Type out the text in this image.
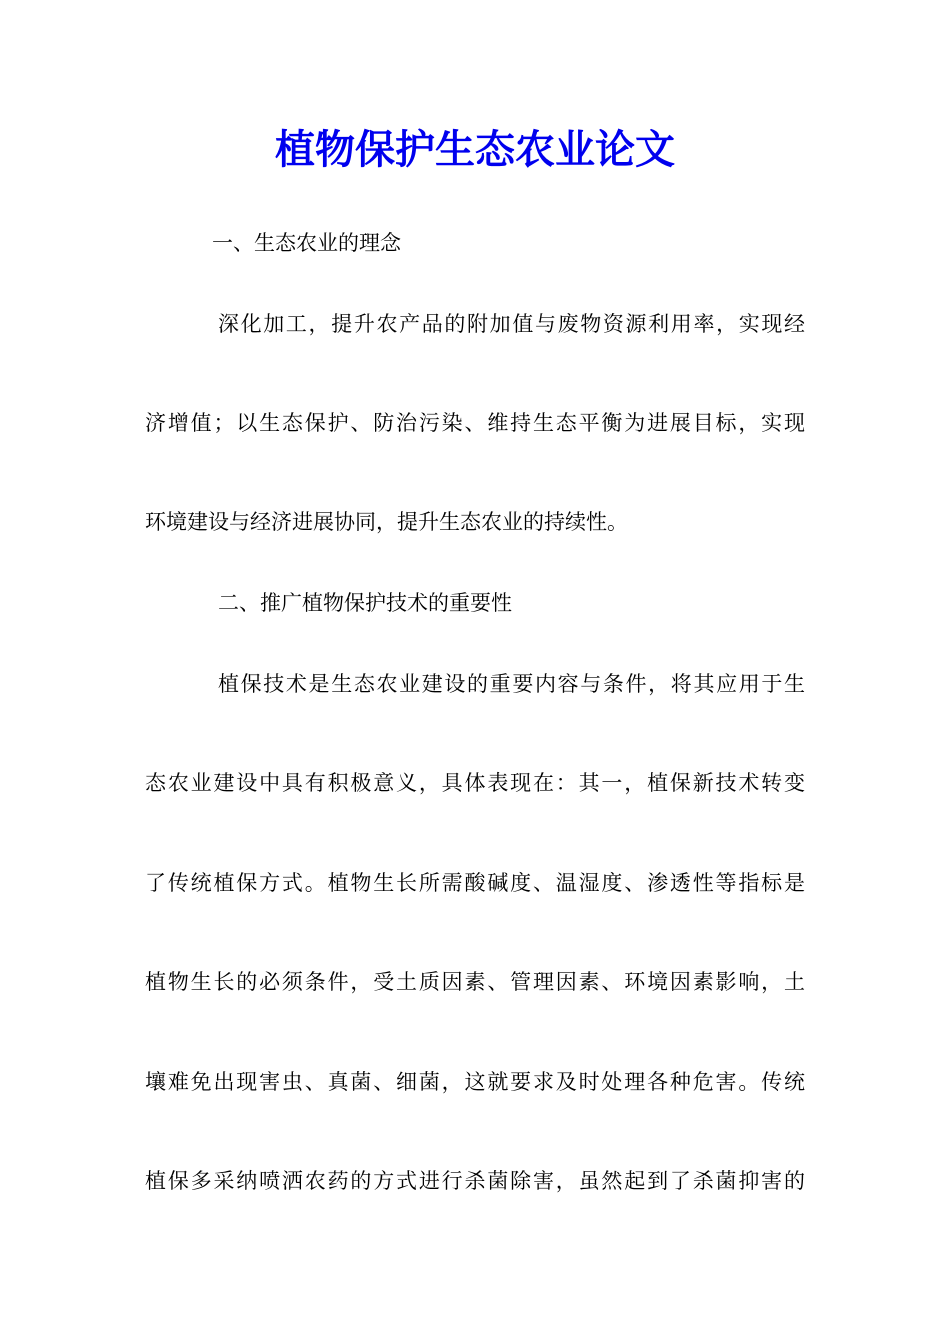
植物保护生态农业论文

一、生态农业的理念

深化加工，提升农产品的附加值与废物资源利用率，实现经

济增值；以生态保护、防治污染、维持生态平衡为进展目标，实现

环境建设与经济进展协同，提升生态农业的持续性。

二、推广植物保护技术的重要性

植保技术是生态农业建设的重要内容与条件，将其应用于生

态农业建设中具有积极意义，具体表现在：其一，植保新技术转变

了传统植保方式。植物生长所需酸碱度、温湿度、渗透性等指标是

植物生长的必须条件，受土质因素、管理因素、环境因素影响，土

壤难免出现害虫、真菌、细菌，这就要求及时处理各种危害。传统

植保多采纳喷洒农药的方式进行杀菌除害，虽然起到了杀菌抑害的
